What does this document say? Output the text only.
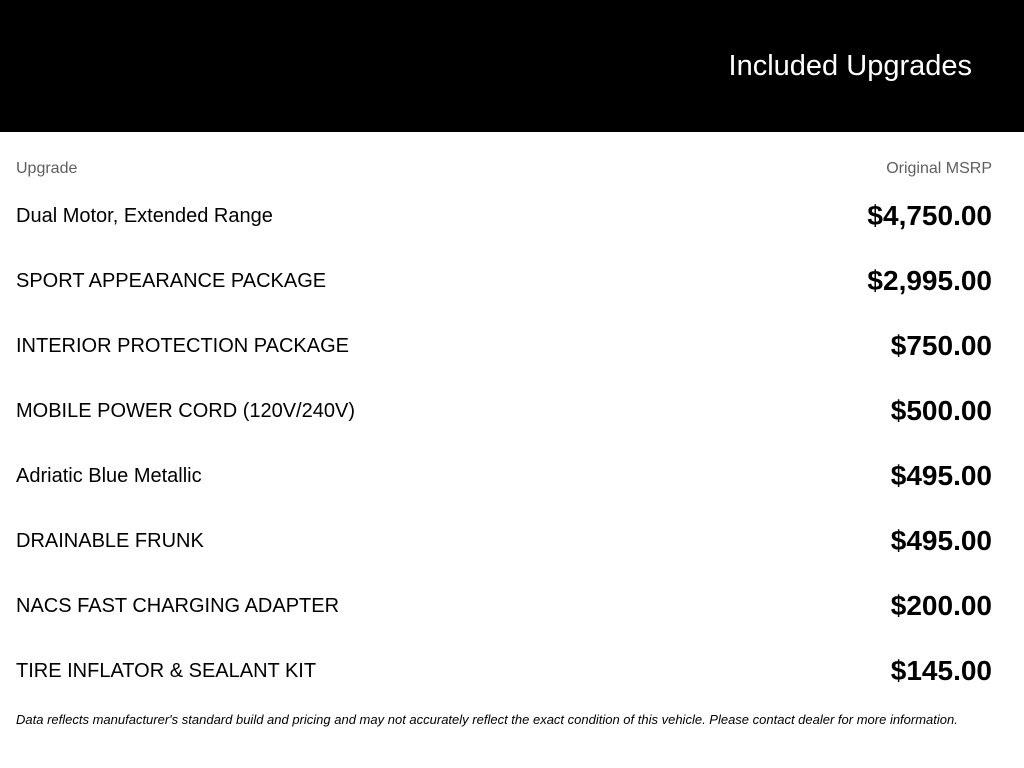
Included Upgrades
Upgrade	Original MSRP
Dual Motor, Extended Range	$4,750.00
SPORT APPEARANCE PACKAGE	$2,995.00
INTERIOR PROTECTION PACKAGE	$750.00
MOBILE POWER CORD (120V/240V)	$500.00
Adriatic Blue Metallic	$495.00
DRAINABLE FRUNK	$495.00
NACS FAST CHARGING ADAPTER	$200.00
TIRE INFLATOR & SEALANT KIT	$145.00
Data reflects manufacturer's standard build and pricing and may not accurately reflect the exact condition of this vehicle. Please contact dealer for more information.
